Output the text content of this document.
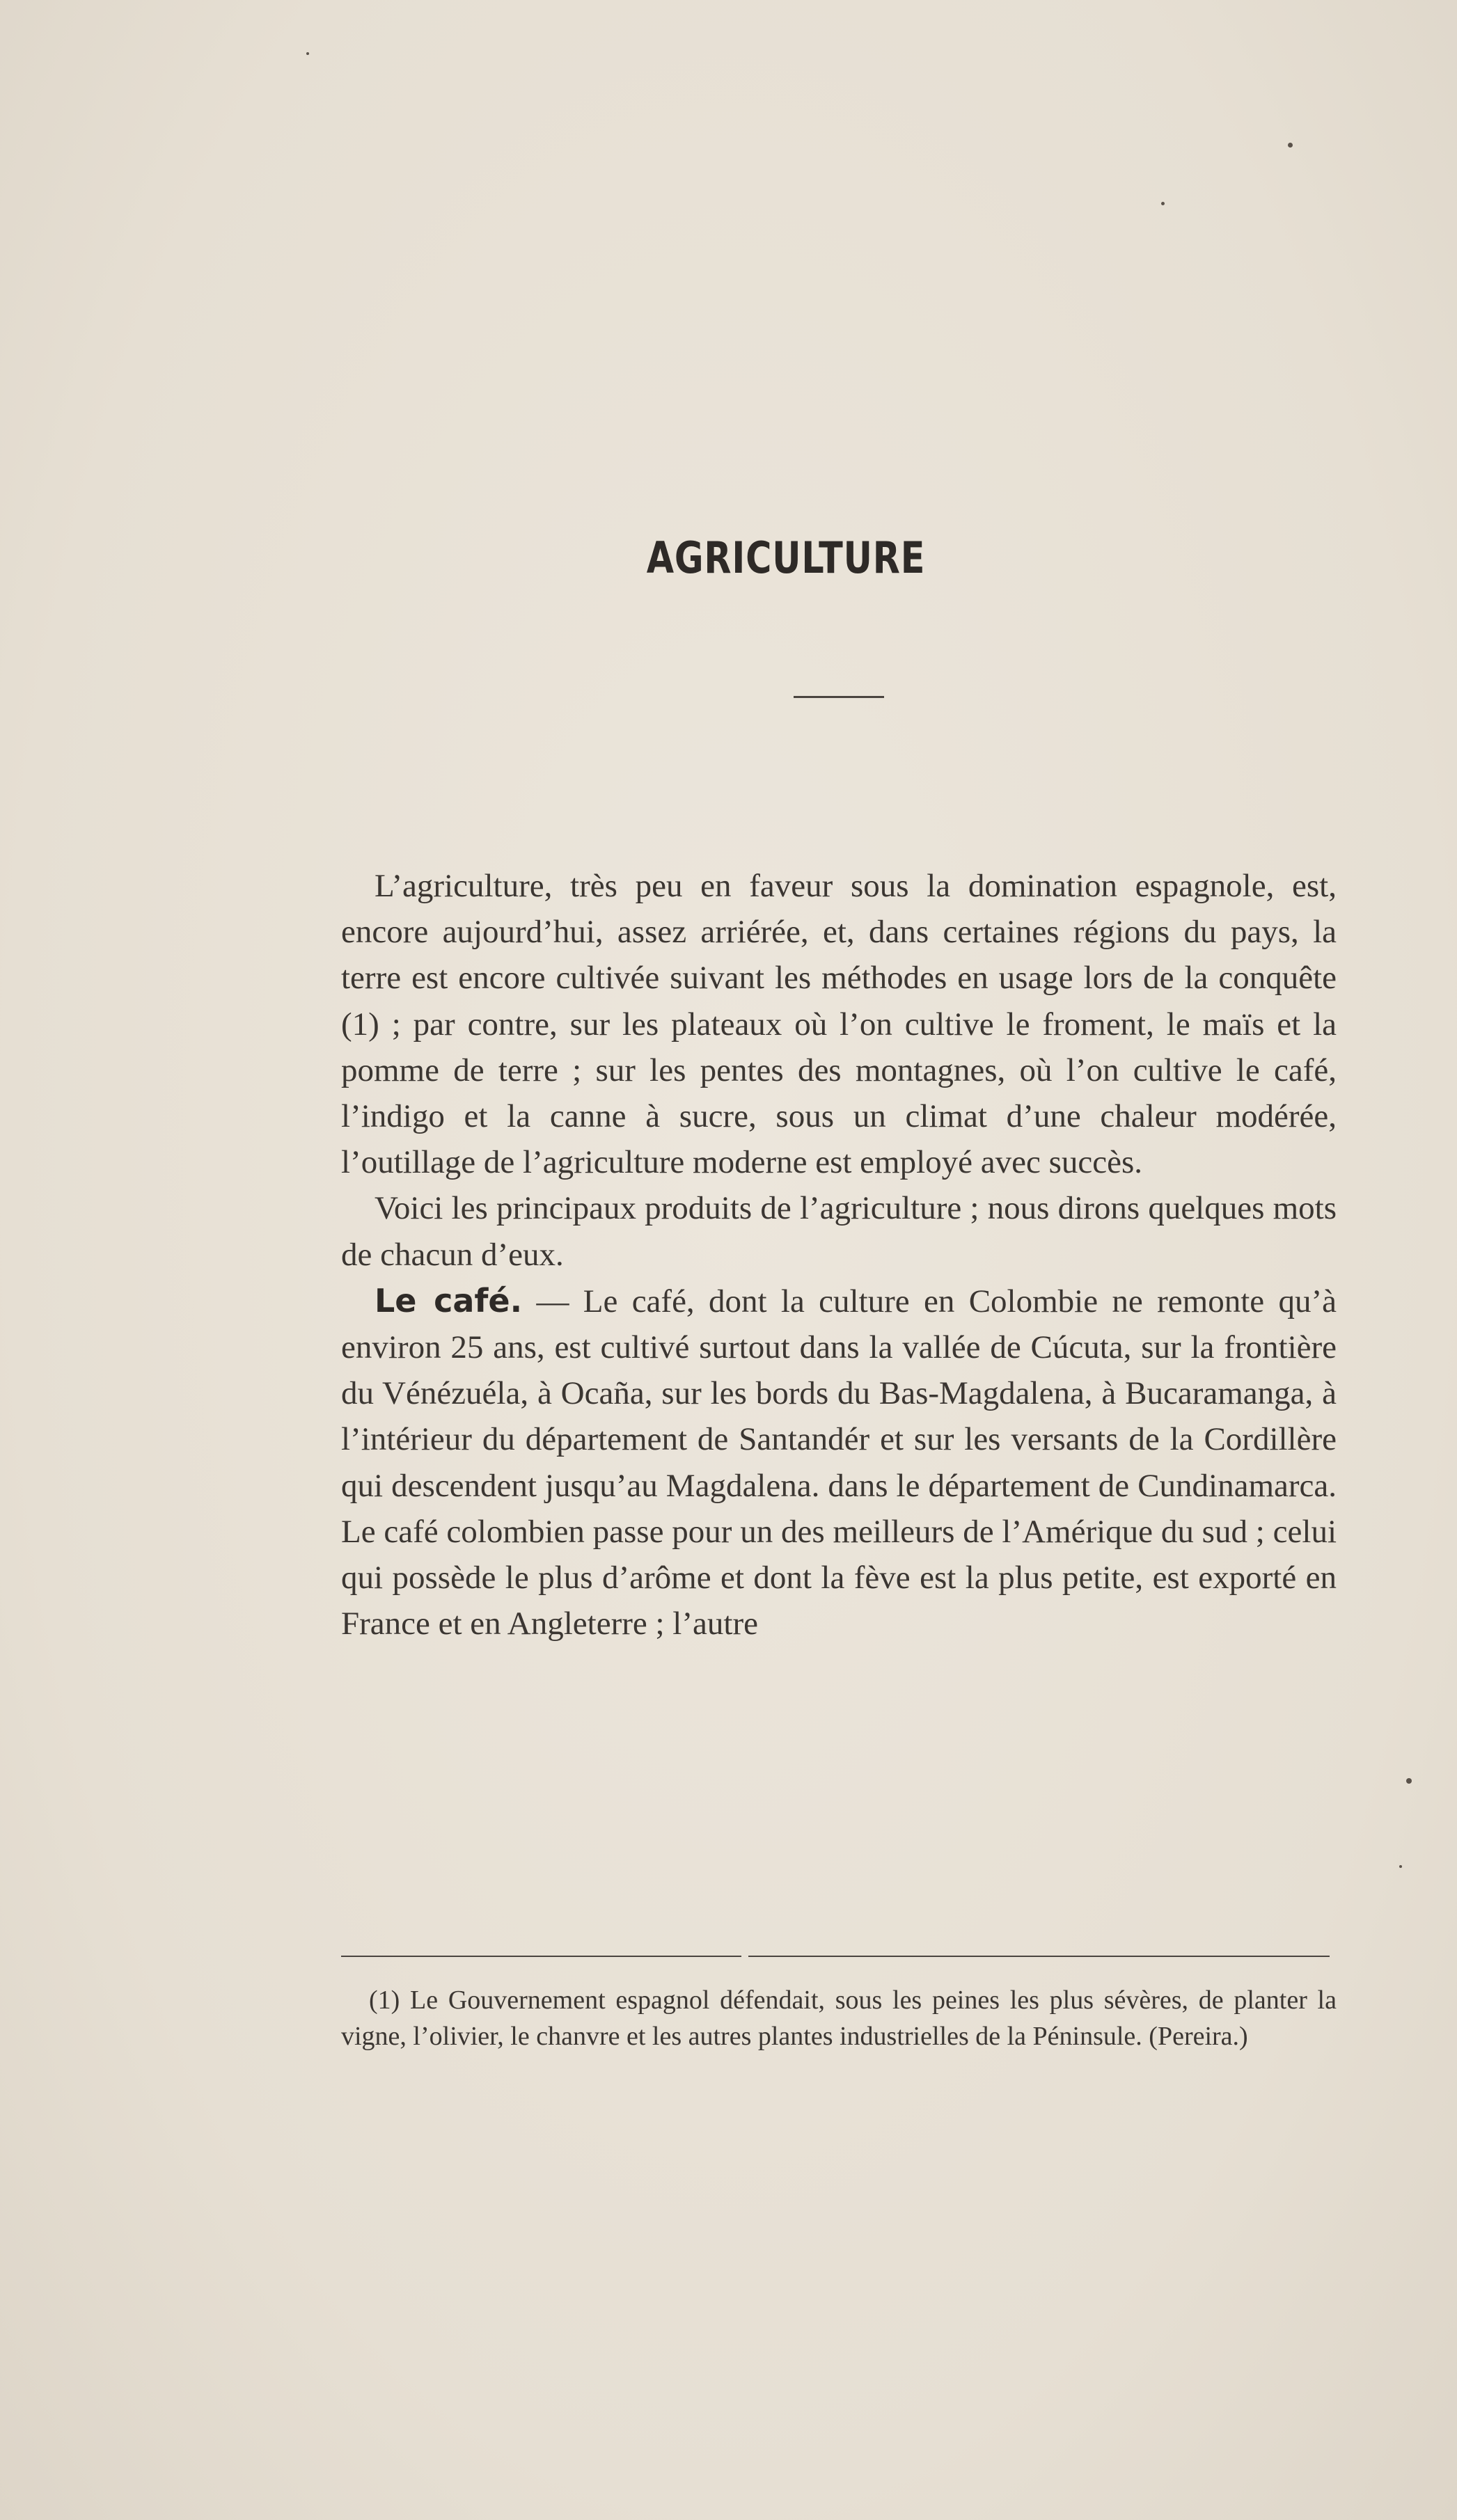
AGRICULTURE

L’agriculture, très peu en faveur sous la domination espagnole, est, encore aujourd’hui, assez arriérée, et, dans certaines régions du pays, la terre est encore cultivée suivant les méthodes en usage lors de la conquête (1) ; par contre, sur les plateaux où l’on cultive le froment, le maïs et la pomme de terre ; sur les pentes des montagnes, où l’on cultive le café, l’indigo et la canne à sucre, sous un climat d’une chaleur modérée, l’outillage de l’agriculture moderne est employé avec succès.

Voici les principaux produits de l’agriculture ; nous dirons quelques mots de chacun d’eux.

Le café. — Le café, dont la culture en Colombie ne remonte qu’à environ 25 ans, est cultivé surtout dans la vallée de Cúcuta, sur la frontière du Vénézuéla, à Ocaña, sur les bords du Bas-Magdalena, à Bucaramanga, à l’intérieur du département de Santandér et sur les versants de la Cordillère qui descendent jusqu’au Magdalena. dans le département de Cundinamarca. Le café colombien passe pour un des meilleurs de l’Amérique du sud ; celui qui possède le plus d’arôme et dont la fève est la plus petite, est exporté en France et en Angleterre ; l’autre

(1) Le Gouvernement espagnol défendait, sous les peines les plus sévères, de planter la vigne, l’olivier, le chanvre et les autres plantes industrielles de la Péninsule. (Pereira.)
